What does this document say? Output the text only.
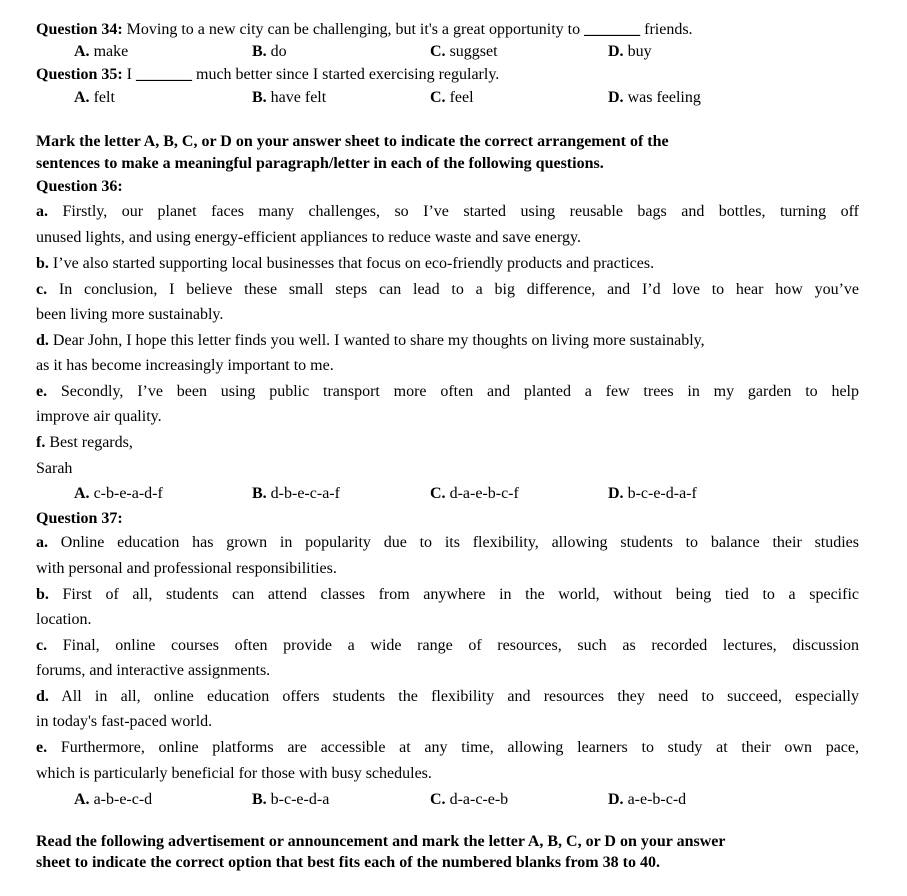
Question 34: Moving to a new city can be challenging, but it's a great opportunity to _______ friends.
A. make	B. do	C. suggset	D. buy
Question 35: I _______ much better since I started exercising regularly.
A. felt	B. have felt	C. feel	D. was feeling
Mark the letter A, B, C, or D on your answer sheet to indicate the correct arrangement of the
sentences to make a meaningful paragraph/letter in each of the following questions.
Question 36:
a. Firstly, our planet faces many challenges, so I’ve started using reusable bags and bottles, turning off
unused lights, and using energy-efficient appliances to reduce waste and save energy.
b. I’ve also started supporting local businesses that focus on eco-friendly products and practices.
c. In conclusion, I believe these small steps can lead to a big difference, and I’d love to hear how you’ve
been living more sustainably.
d. Dear John, I hope this letter finds you well. I wanted to share my thoughts on living more sustainably,
as it has become increasingly important to me.
e. Secondly, I’ve been using public transport more often and planted a few trees in my garden to help
improve air quality.
f. Best regards,
Sarah
A. c-b-e-a-d-f	B. d-b-e-c-a-f	C. d-a-e-b-c-f	D. b-c-e-d-a-f
Question 37:
a. Online education has grown in popularity due to its flexibility, allowing students to balance their studies
with personal and professional responsibilities.
b. First of all, students can attend classes from anywhere in the world, without being tied to a specific
location.
c. Final, online courses often provide a wide range of resources, such as recorded lectures, discussion
forums, and interactive assignments.
d. All in all, online education offers students the flexibility and resources they need to succeed, especially
in today's fast-paced world.
e. Furthermore, online platforms are accessible at any time, allowing learners to study at their own pace,
which is particularly beneficial for those with busy schedules.
A. a-b-e-c-d	B. b-c-e-d-a	C. d-a-c-e-b	D. a-e-b-c-d
Read the following advertisement or announcement and mark the letter A, B, C, or D on your answer
sheet to indicate the correct option that best fits each of the numbered blanks from 38 to 40.
